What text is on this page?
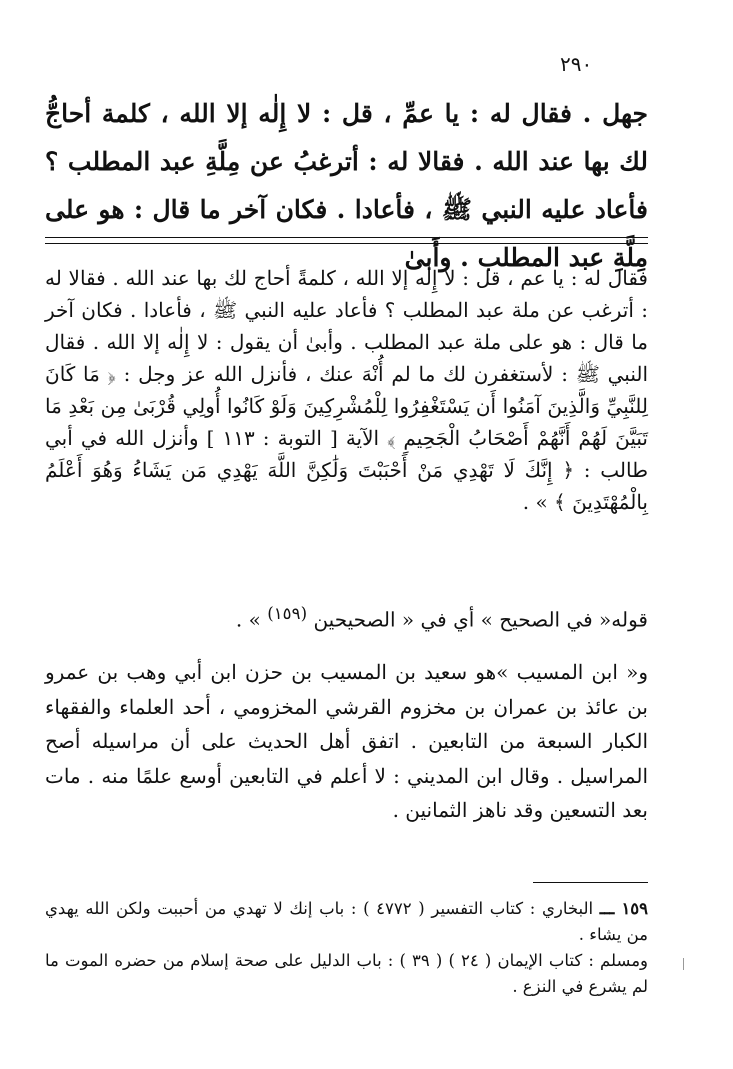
٢٩٠

جهل . فقال له : يا عمِّ ، قل : لا إِلٰه إلا الله ، كلمة أحاجُّ لك بها عند الله . فقالا له : أترغبُ عن مِلَّةِ عبد المطلب ؟ فأعاد عليه النبي ﷺ ، فأعادا . فكان آخر ما قال : هو على مِلَّةِ عبد المطلب . وأَبىٰ

فقال له : يا عم ، قل : لا إِلٰه إلا الله ، كلمةً أحاج لك بها عند الله . فقالا له : أترغب عن ملة عبد المطلب ؟ فأعاد عليه النبي ﷺ ، فأعادا . فكان آخر ما قال : هو على ملة عبد المطلب . وأبىٰ أن يقول : لا إِلٰه إلا الله . فقال النبي ﷺ : لأستغفرن لك ما لم أُنْهَ عنك ، فأنزل الله عز وجل : ﴿ مَا كَانَ لِلنَّبِيِّ وَالَّذِينَ آمَنُوا أَن يَسْتَغْفِرُوا لِلْمُشْرِكِينَ وَلَوْ كَانُوا أُولِي قُرْبَىٰ مِن بَعْدِ مَا تَبَيَّنَ لَهُمْ أَنَّهُمْ أَصْحَابُ الْجَحِيمِ ﴾ الآية [ التوبة : ١١٣ ] وأنزل الله في أبي طالب : ﴿ إِنَّكَ لَا تَهْدِي مَنْ أَحْبَبْتَ وَلَٰكِنَّ اللَّهَ يَهْدِي مَن يَشَاءُ وَهُوَ أَعْلَمُ بِالْمُهْتَدِينَ ﴾ » .

قوله« في الصحيح » أي في « الصحيحين $^{(١٥٩)}$ » .

و« ابن المسيب »هو سعيد بن المسيب بن حزن ابن أبي وهب بن عمرو بن عائذ بن عمران بن مخزوم القرشي المخزومي ، أحد العلماء والفقهاء الكبار السبعة من التابعين . اتفق أهل الحديث على أن مراسيله أصح المراسيل . وقال ابن المديني : لا أعلم في التابعين أوسع علمًا منه . مات بعد التسعين وقد ناهز الثمانين .

١٥٩ ـــ البخاري : كتاب التفسير ( ٤٧٧٢ ) : باب إنك لا تهدي من أحببت ولكن الله يهدي من يشاء .

ومسلم : كتاب الإيمان ( ٢٤ ) ( ٣٩ ) : باب الدليل على صحة إسلام من حضره الموت ما لم يشرع في النزع .
